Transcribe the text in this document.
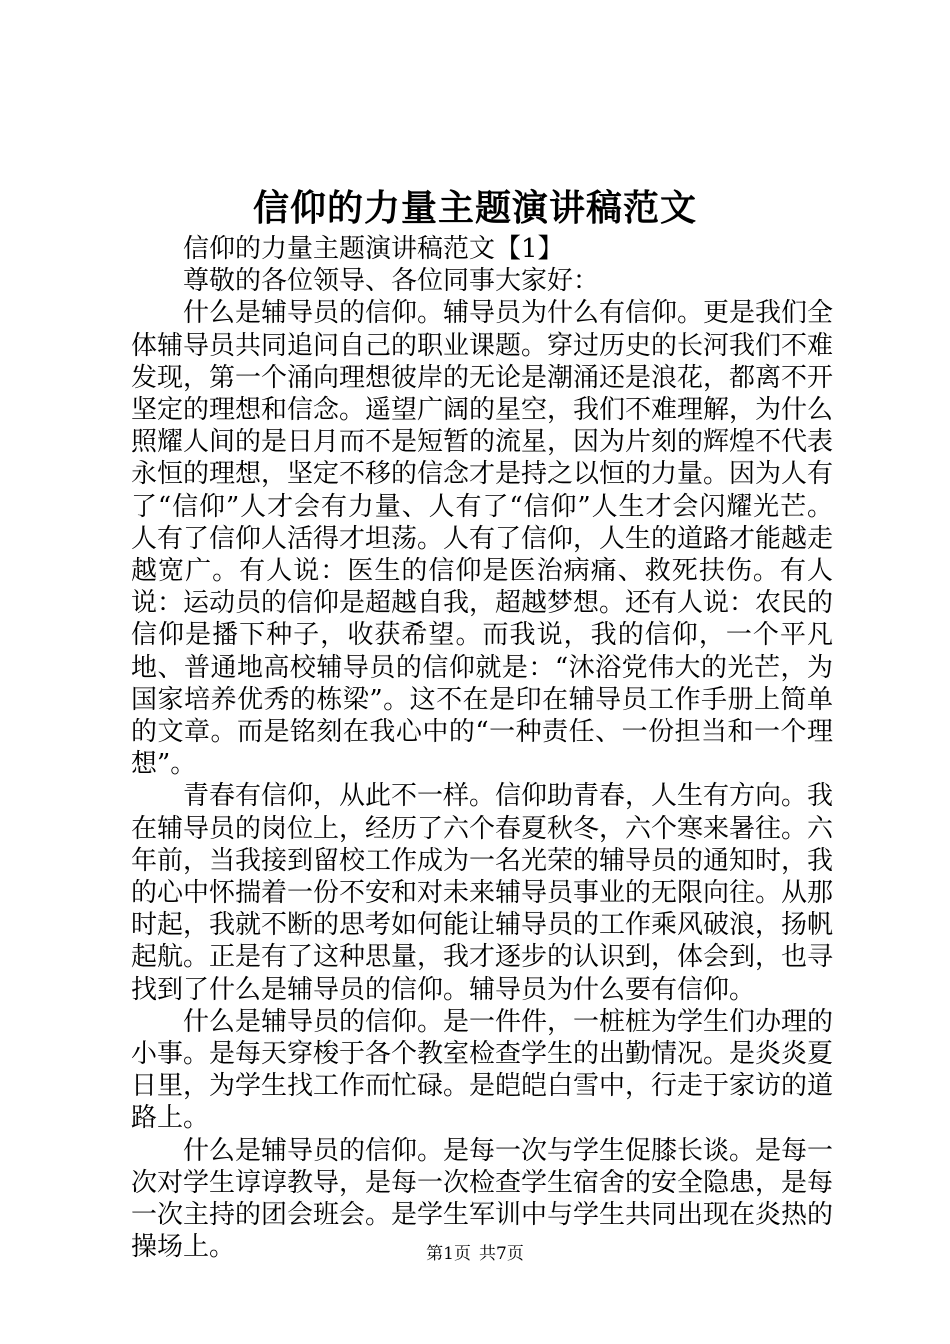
信仰的力量主题演讲稿范文

信仰的力量主题演讲稿范文【1】

尊敬的各位领导、各位同事大家好：

什么是辅导员的信仰。辅导员为什么有信仰。更是我们全体辅导员共同追问自己的职业课题。穿过历史的长河我们不难发现，第一个涌向理想彼岸的无论是潮涌还是浪花，都离不开坚定的理想和信念。遥望广阔的星空，我们不难理解，为什么照耀人间的是日月而不是短暂的流星，因为片刻的辉煌不代表永恒的理想，坚定不移的信念才是持之以恒的力量。因为人有了“信仰”人才会有力量、人有了“信仰”人生才会闪耀光芒。人有了信仰人活得才坦荡。人有了信仰，人生的道路才能越走越宽广。有人说：医生的信仰是医治病痛、救死扶伤。有人说：运动员的信仰是超越自我，超越梦想。还有人说：农民的信仰是播下种子，收获希望。而我说，我的信仰，一个平凡地、普通地高校辅导员的信仰就是：“沐浴党伟大的光芒，为国家培养优秀的栋梁”。这不在是印在辅导员工作手册上简单的文章。而是铭刻在我心中的“一种责任、一份担当和一个理想”。

青春有信仰，从此不一样。信仰助青春，人生有方向。我在辅导员的岗位上，经历了六个春夏秋冬，六个寒来暑往。六年前，当我接到留校工作成为一名光荣的辅导员的通知时，我的心中怀揣着一份不安和对未来辅导员事业的无限向往。从那时起，我就不断的思考如何能让辅导员的工作乘风破浪，扬帆起航。正是有了这种思量，我才逐步的认识到，体会到，也寻找到了什么是辅导员的信仰。辅导员为什么要有信仰。

什么是辅导员的信仰。是一件件，一桩桩为学生们办理的小事。是每天穿梭于各个教室检查学生的出勤情况。是炎炎夏日里，为学生找工作而忙碌。是皑皑白雪中，行走于家访的道路上。

什么是辅导员的信仰。是每一次与学生促膝长谈。是每一次对学生谆谆教导，是每一次检查学生宿舍的安全隐患，是每一次主持的团会班会。是学生军训中与学生共同出现在炎热的操场上。	第1页 共7页
